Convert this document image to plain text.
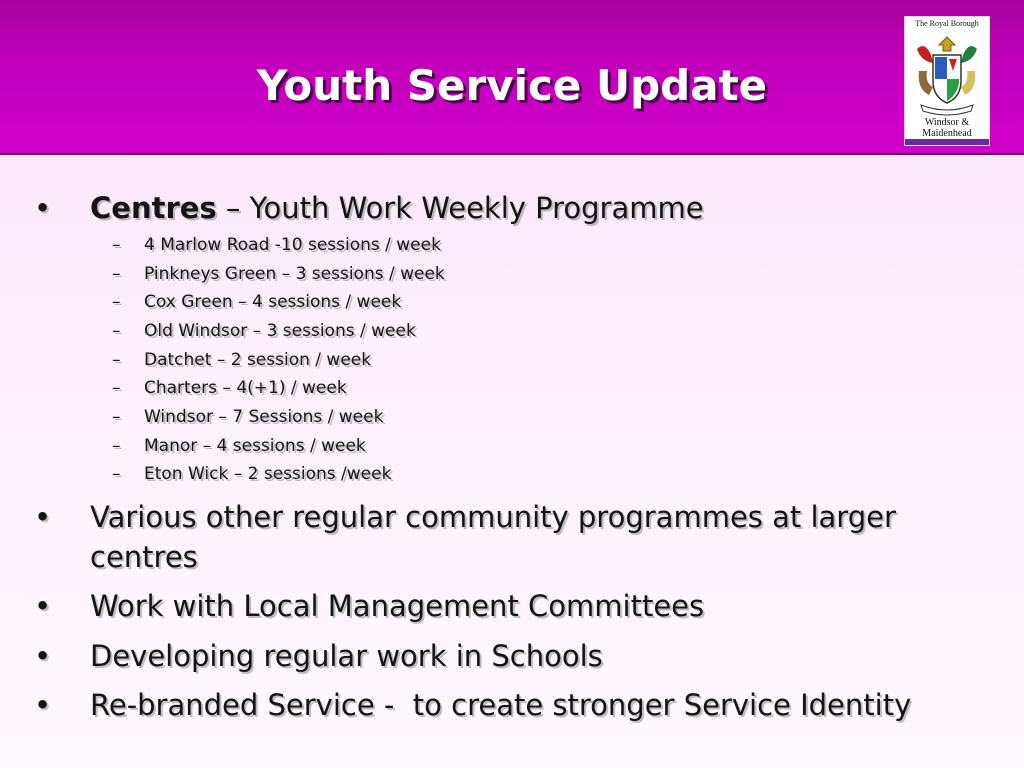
Youth Service Update
The Royal Borough
Windsor &
Maidenhead
•	Centres – Youth Work Weekly Programme
–	4 Marlow Road -10 sessions / week
–	Pinkneys Green – 3 sessions / week
–	Cox Green – 4 sessions / week
–	Old Windsor – 3 sessions / week
–	Datchet – 2 session / week
–	Charters – 4(+1) / week
–	Windsor – 7 Sessions / week
–	Manor – 4 sessions / week
–	Eton Wick – 2 sessions /week
•	Various other regular community programmes at larger centres
•	Work with Local Management Committees
•	Developing regular work in Schools
•	Re-branded Service -  to create stronger Service Identity
